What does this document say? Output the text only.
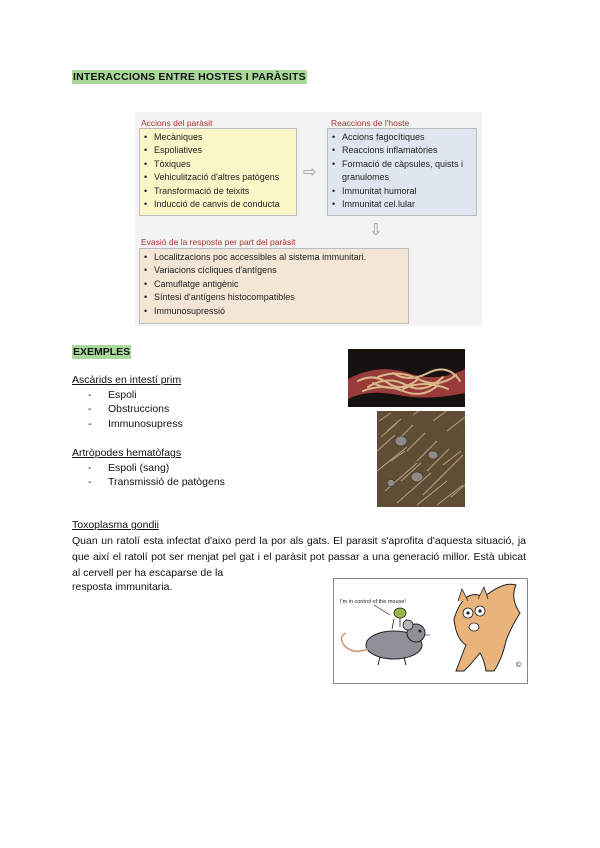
INTERACCIONS ENTRE HOSTES I PARÀSITS
Accions del paràsit
• Mecàniques
• Espoliatives
• Tòxiques
• Vehiculització d'altres patògens
• Transformació de teixits
• Inducció de canvis de conducta
⇨
Reaccions de l'hoste
• Accions fagocítiques
• Reaccions inflamatòries
• Formació de càpsules, quists i granulomes
• Immunitat humoral
• Immunitat cel.lular
⇩
Evasió de la resposta per part del paràsit
• Localitzacions poc accessibles al sistema immunitari.
• Variacions cícliques d'antígens
• Camuflatge antigènic
• Síntesi d'antígens histocompatibles
• Immunosupressió
EXEMPLES
Ascàrids en intestí prim
- Espoli
- Obstruccions
- Immunosupress
Artròpodes hematòfags
- Espoli (sang)
- Transmissió de patògens
Toxoplasma gondii
Quan un ratolí esta infectat d'aixo perd la por als gats. El parasit s'aprofita d'aquesta situació, ja que així el ratolí pot ser menjat pel gat i el paràsit pot passar a una generació millor. Està ubicat al cervell per ha escaparse de la
resposta immunitaria.
I'm in control of the mouse!
©
